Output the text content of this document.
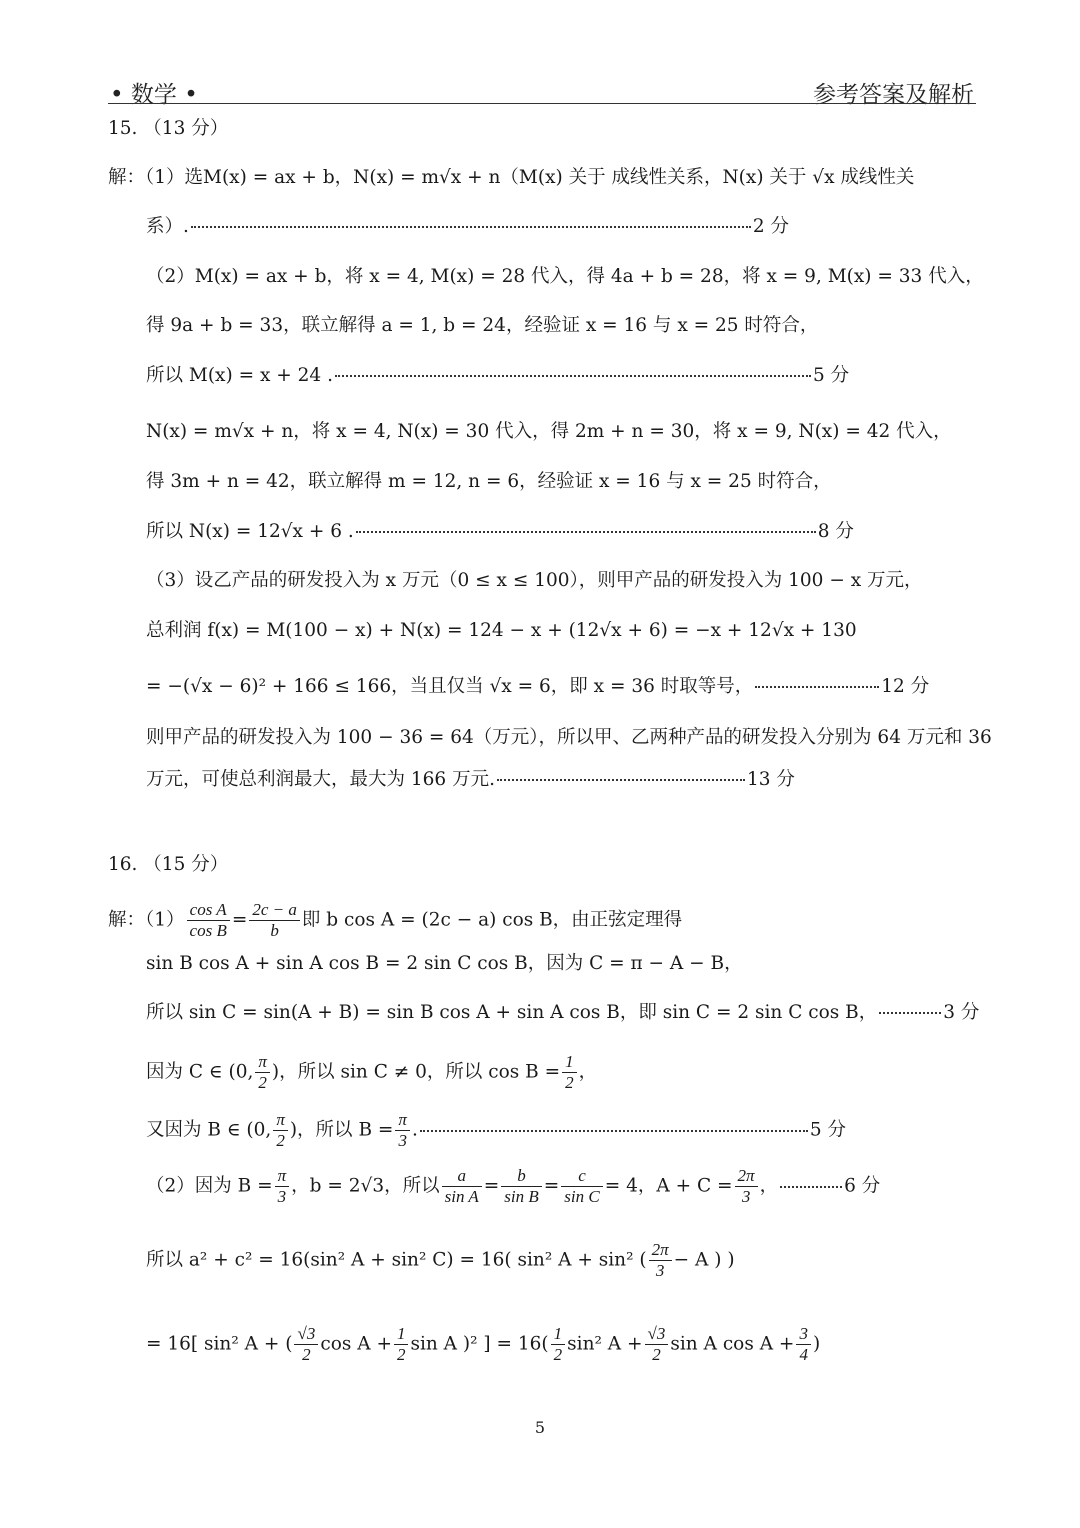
• 数学 •	参考答案及解析
15. （13 分）
解：（1）选M(x) = ax + b，N(x) = m√x + n（M(x) 关于 成线性关系，N(x) 关于 √x 成线性关
系）.	2 分
（2）M(x) = ax + b，将 x = 4, M(x) = 28 代入，得 4a + b = 28，将 x = 9, M(x) = 33 代入，
得 9a + b = 33，联立解得 a = 1, b = 24，经验证 x = 16 与 x = 25 时符合，
所以 M(x) = x + 24 .	5 分
N(x) = m√x + n，将 x = 4, N(x) = 30 代入，得 2m + n = 30，将 x = 9, N(x) = 42 代入，
得 3m + n = 42，联立解得 m = 12, n = 6，经验证 x = 16 与 x = 25 时符合，
所以 N(x) = 12√x + 6 .	8 分
（3）设乙产品的研发投入为 x 万元（0 ≤ x ≤ 100），则甲产品的研发投入为 100 − x 万元，
总利润 f(x) = M(100 − x) + N(x) = 124 − x + (12√x + 6) = −x + 12√x + 130
= −(√x − 6)² + 166 ≤ 166，当且仅当 √x = 6，即 x = 36 时取等号，	12 分
则甲产品的研发投入为 100 − 36 = 64（万元），所以甲、乙两种产品的研发投入分别为 64 万元和 36
万元，可使总利润最大，最大为 166 万元.	13 分
16. （15 分）
解：$(1) \frac{\text{cos A}}{\text{cos B}} = \frac{2c - a}{b}$ 即 b cos A = (2c − a) cos B，由正弦定理得
sin B cos A + sin A cos B = 2 sin C cos B，因为 C = π − A − B，
所以 sin C = sin(A + B) = sin B cos A + sin A cos B，即 sin C = 2 sin C cos B，	3 分
因为 C ∈ (0, $\frac{\pi}{2}$ )，所以 sin C ≠ 0，所以 $\cos B = \frac{1}{2}$ ，
又因为 B ∈ (0, $\frac{\pi}{2}$ )，所以 $B = \frac{\pi}{3}$ .	5 分
（2）因为 $B = \frac{\pi}{3}$ ，b = 2√3，所以 $\frac{a}{\text{sin A}} = \frac{b}{\text{sin B}} = \frac{c}{\text{sin C}} = 4$，$A + C = \frac{2\pi}{3}$ ，	6 分
所以 a² + c² = 16(sin² A + sin² C) = 16( sin² A + sin² ( $\frac{2\pi}{3} - A$ ) )
= 16[ sin² A + ( $\frac{√3}{2}$ $\cos A + \frac{1}{2}$ sin A )² ] = $16( \frac{1}{2} \sin^2$ $A + \frac{√3}{2}$ sin A $\cos A + \frac{3}{4}$ )
5
